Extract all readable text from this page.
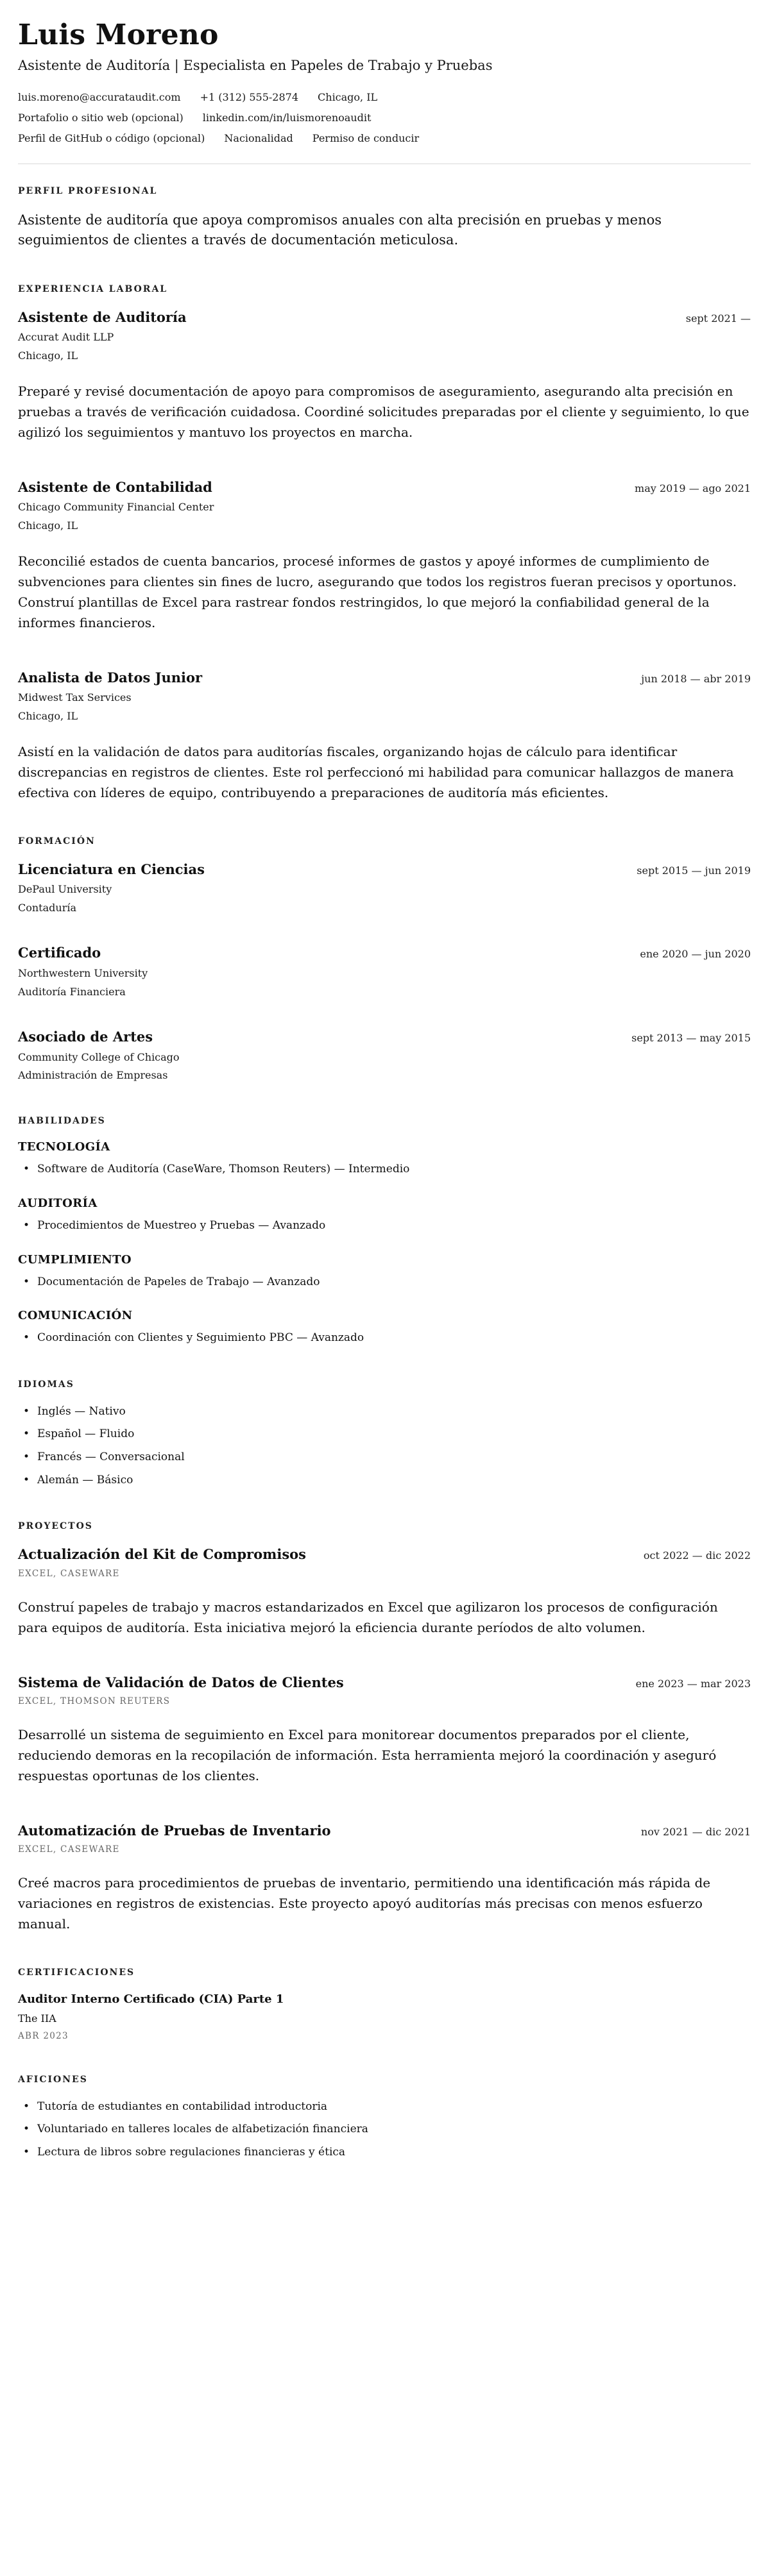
Luis Moreno

Asistente de Auditoría | Especialista en Papeles de Trabajo y Pruebas

luis.moreno@accurataudit.com +1 (312) 555-2874 Chicago, IL
Portafolio o sitio web (opcional) linkedin.com/in/luismorenoaudit
Perfil de GitHub o código (opcional) Nacionalidad Permiso de conducir
PERFIL PROFESIONAL

Asistente de auditoría que apoya compromisos anuales con alta precisión en pruebas y menos seguimientos de clientes a través de documentación meticulosa.

EXPERIENCIA LABORAL
Asistente de Auditoría	sept 2021 —
Accurat Audit LLP
Chicago, IL

Preparé y revisé documentación de apoyo para compromisos de aseguramiento, asegurando alta precisión en pruebas a través de verificación cuidadosa. Coordiné solicitudes preparadas por el cliente y seguimiento, lo que agilizó los seguimientos y mantuvo los proyectos en marcha.

Asistente de Contabilidad	may 2019 — ago 2021
Chicago Community Financial Center
Chicago, IL

Reconcilié estados de cuenta bancarios, procesé informes de gastos y apoyé informes de cumplimiento de subvenciones para clientes sin fines de lucro, asegurando que todos los registros fueran precisos y oportunos. Construí plantillas de Excel para rastrear fondos restringidos, lo que mejoró la confiabilidad general de la informes financieros.

Analista de Datos Junior	jun 2018 — abr 2019
Midwest Tax Services
Chicago, IL

Asistí en la validación de datos para auditorías fiscales, organizando hojas de cálculo para identificar discrepancias en registros de clientes. Este rol perfeccionó mi habilidad para comunicar hallazgos de manera efectiva con líderes de equipo, contribuyendo a preparaciones de auditoría más eficientes.

FORMACIÓN
Licenciatura en Ciencias	sept 2015 — jun 2019
DePaul University
Contaduría
Certificado	ene 2020 — jun 2020
Northwestern University
Auditoría Financiera
Asociado de Artes	sept 2013 — may 2015
Community College of Chicago
Administración de Empresas
HABILIDADES
TECNOLOGÍA
• Software de Auditoría (CaseWare, Thomson Reuters) — Intermedio
AUDITORÍA
• Procedimientos de Muestreo y Pruebas — Avanzado
CUMPLIMIENTO
• Documentación de Papeles de Trabajo — Avanzado
COMUNICACIÓN
• Coordinación con Clientes y Seguimiento PBC — Avanzado
IDIOMAS
• Inglés — Nativo
• Español — Fluido
• Francés — Conversacional
• Alemán — Básico
PROYECTOS
Actualización del Kit de Compromisos	oct 2022 — dic 2022
EXCEL, CASEWARE

Construí papeles de trabajo y macros estandarizados en Excel que agilizaron los procesos de configuración para equipos de auditoría. Esta iniciativa mejoró la eficiencia durante períodos de alto volumen.

Sistema de Validación de Datos de Clientes	ene 2023 — mar 2023
EXCEL, THOMSON REUTERS

Desarrollé un sistema de seguimiento en Excel para monitorear documentos preparados por el cliente, reduciendo demoras en la recopilación de información. Esta herramienta mejoró la coordinación y aseguró respuestas oportunas de los clientes.

Automatización de Pruebas de Inventario	nov 2021 — dic 2021
EXCEL, CASEWARE

Creé macros para procedimientos de pruebas de inventario, permitiendo una identificación más rápida de variaciones en registros de existencias. Este proyecto apoyó auditorías más precisas con menos esfuerzo manual.

CERTIFICACIONES
Auditor Interno Certificado (CIA) Parte 1
The IIA
ABR 2023
AFICIONES
• Tutoría de estudiantes en contabilidad introductoria
• Voluntariado en talleres locales de alfabetización financiera
• Lectura de libros sobre regulaciones financieras y ética
